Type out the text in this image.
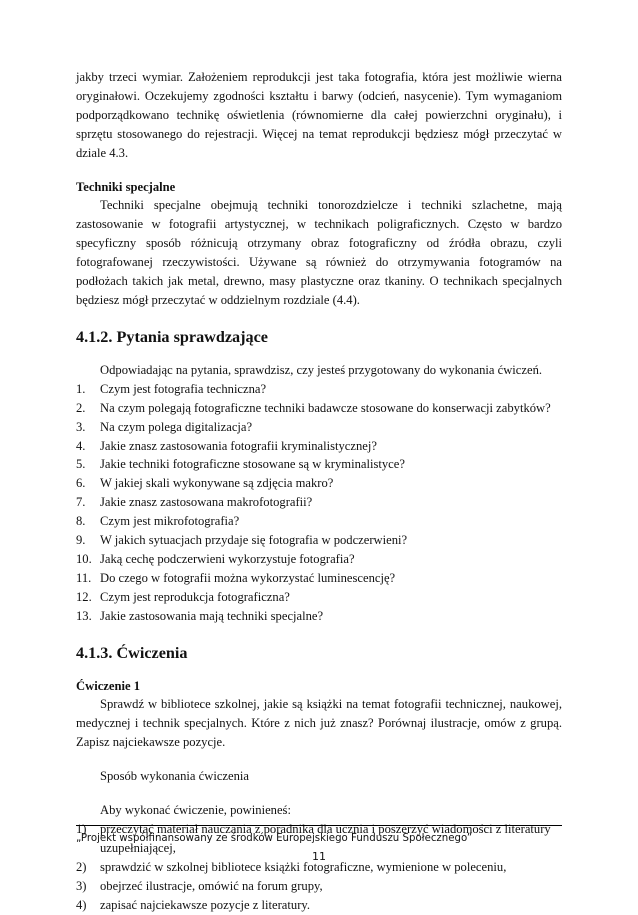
jakby trzeci wymiar. Założeniem reprodukcji jest taka fotografia, która jest możliwie wierna oryginałowi. Oczekujemy zgodności kształtu i barwy (odcień, nasycenie). Tym wymaganiom podporządkowano technikę oświetlenia (równomierne dla całej powierzchni oryginału), i sprzętu stosowanego do rejestracji. Więcej na temat reprodukcji będziesz mógł przeczytać w dziale 4.3.
Techniki specjalne
Techniki specjalne obejmują techniki tonorozdzielcze i techniki szlachetne, mają zastosowanie w fotografii artystycznej, w technikach poligraficznych. Często w bardzo specyficzny sposób różnicują otrzymany obraz fotograficzny od źródła obrazu, czyli fotografowanej rzeczywistości. Używane są również do otrzymywania fotogramów na podłożach takich jak metal, drewno, masy plastyczne oraz tkaniny. O technikach specjalnych będziesz mógł przeczytać w oddzielnym rozdziale (4.4).
4.1.2. Pytania sprawdzające
Odpowiadając na pytania, sprawdzisz, czy jesteś przygotowany do wykonania ćwiczeń.
1.	Czym jest fotografia techniczna?
2.	Na czym polegają fotograficzne techniki badawcze stosowane do konserwacji zabytków?
3.	Na czym polega digitalizacja?
4.	Jakie znasz zastosowania fotografii kryminalistycznej?
5.	Jakie techniki fotograficzne stosowane są w kryminalistyce?
6.	W jakiej skali wykonywane są zdjęcia makro?
7.	Jakie znasz zastosowana makrofotografii?
8.	Czym jest mikrofotografia?
9.	W jakich sytuacjach przydaje się fotografia w podczerwieni?
10. Jaką cechę podczerwieni wykorzystuje fotografia?
11. Do czego w fotografii można wykorzystać luminescencję?
12. Czym jest reprodukcja fotograficzna?
13. Jakie zastosowania mają techniki specjalne?
4.1.3. Ćwiczenia
Ćwiczenie 1
Sprawdź w bibliotece szkolnej, jakie są książki na temat fotografii technicznej, naukowej, medycznej i technik specjalnych. Które z nich już znasz? Porównaj ilustracje, omów z grupą. Zapisz najciekawsze pozycje.
Sposób wykonania ćwiczenia
Aby wykonać ćwiczenie, powinieneś:
1)	przeczytać materiał nauczania z poradnika dla ucznia i poszerzyć wiadomości z literatury uzupełniającej,
2)	sprawdzić w szkolnej bibliotece książki fotograficzne, wymienione w poleceniu,
3)	obejrzeć ilustracje, omówić na forum grupy,
4)	zapisać najciekawsze pozycje z literatury.
„Projekt współfinansowany ze środków Europejskiego Funduszu Społecznego”
11
